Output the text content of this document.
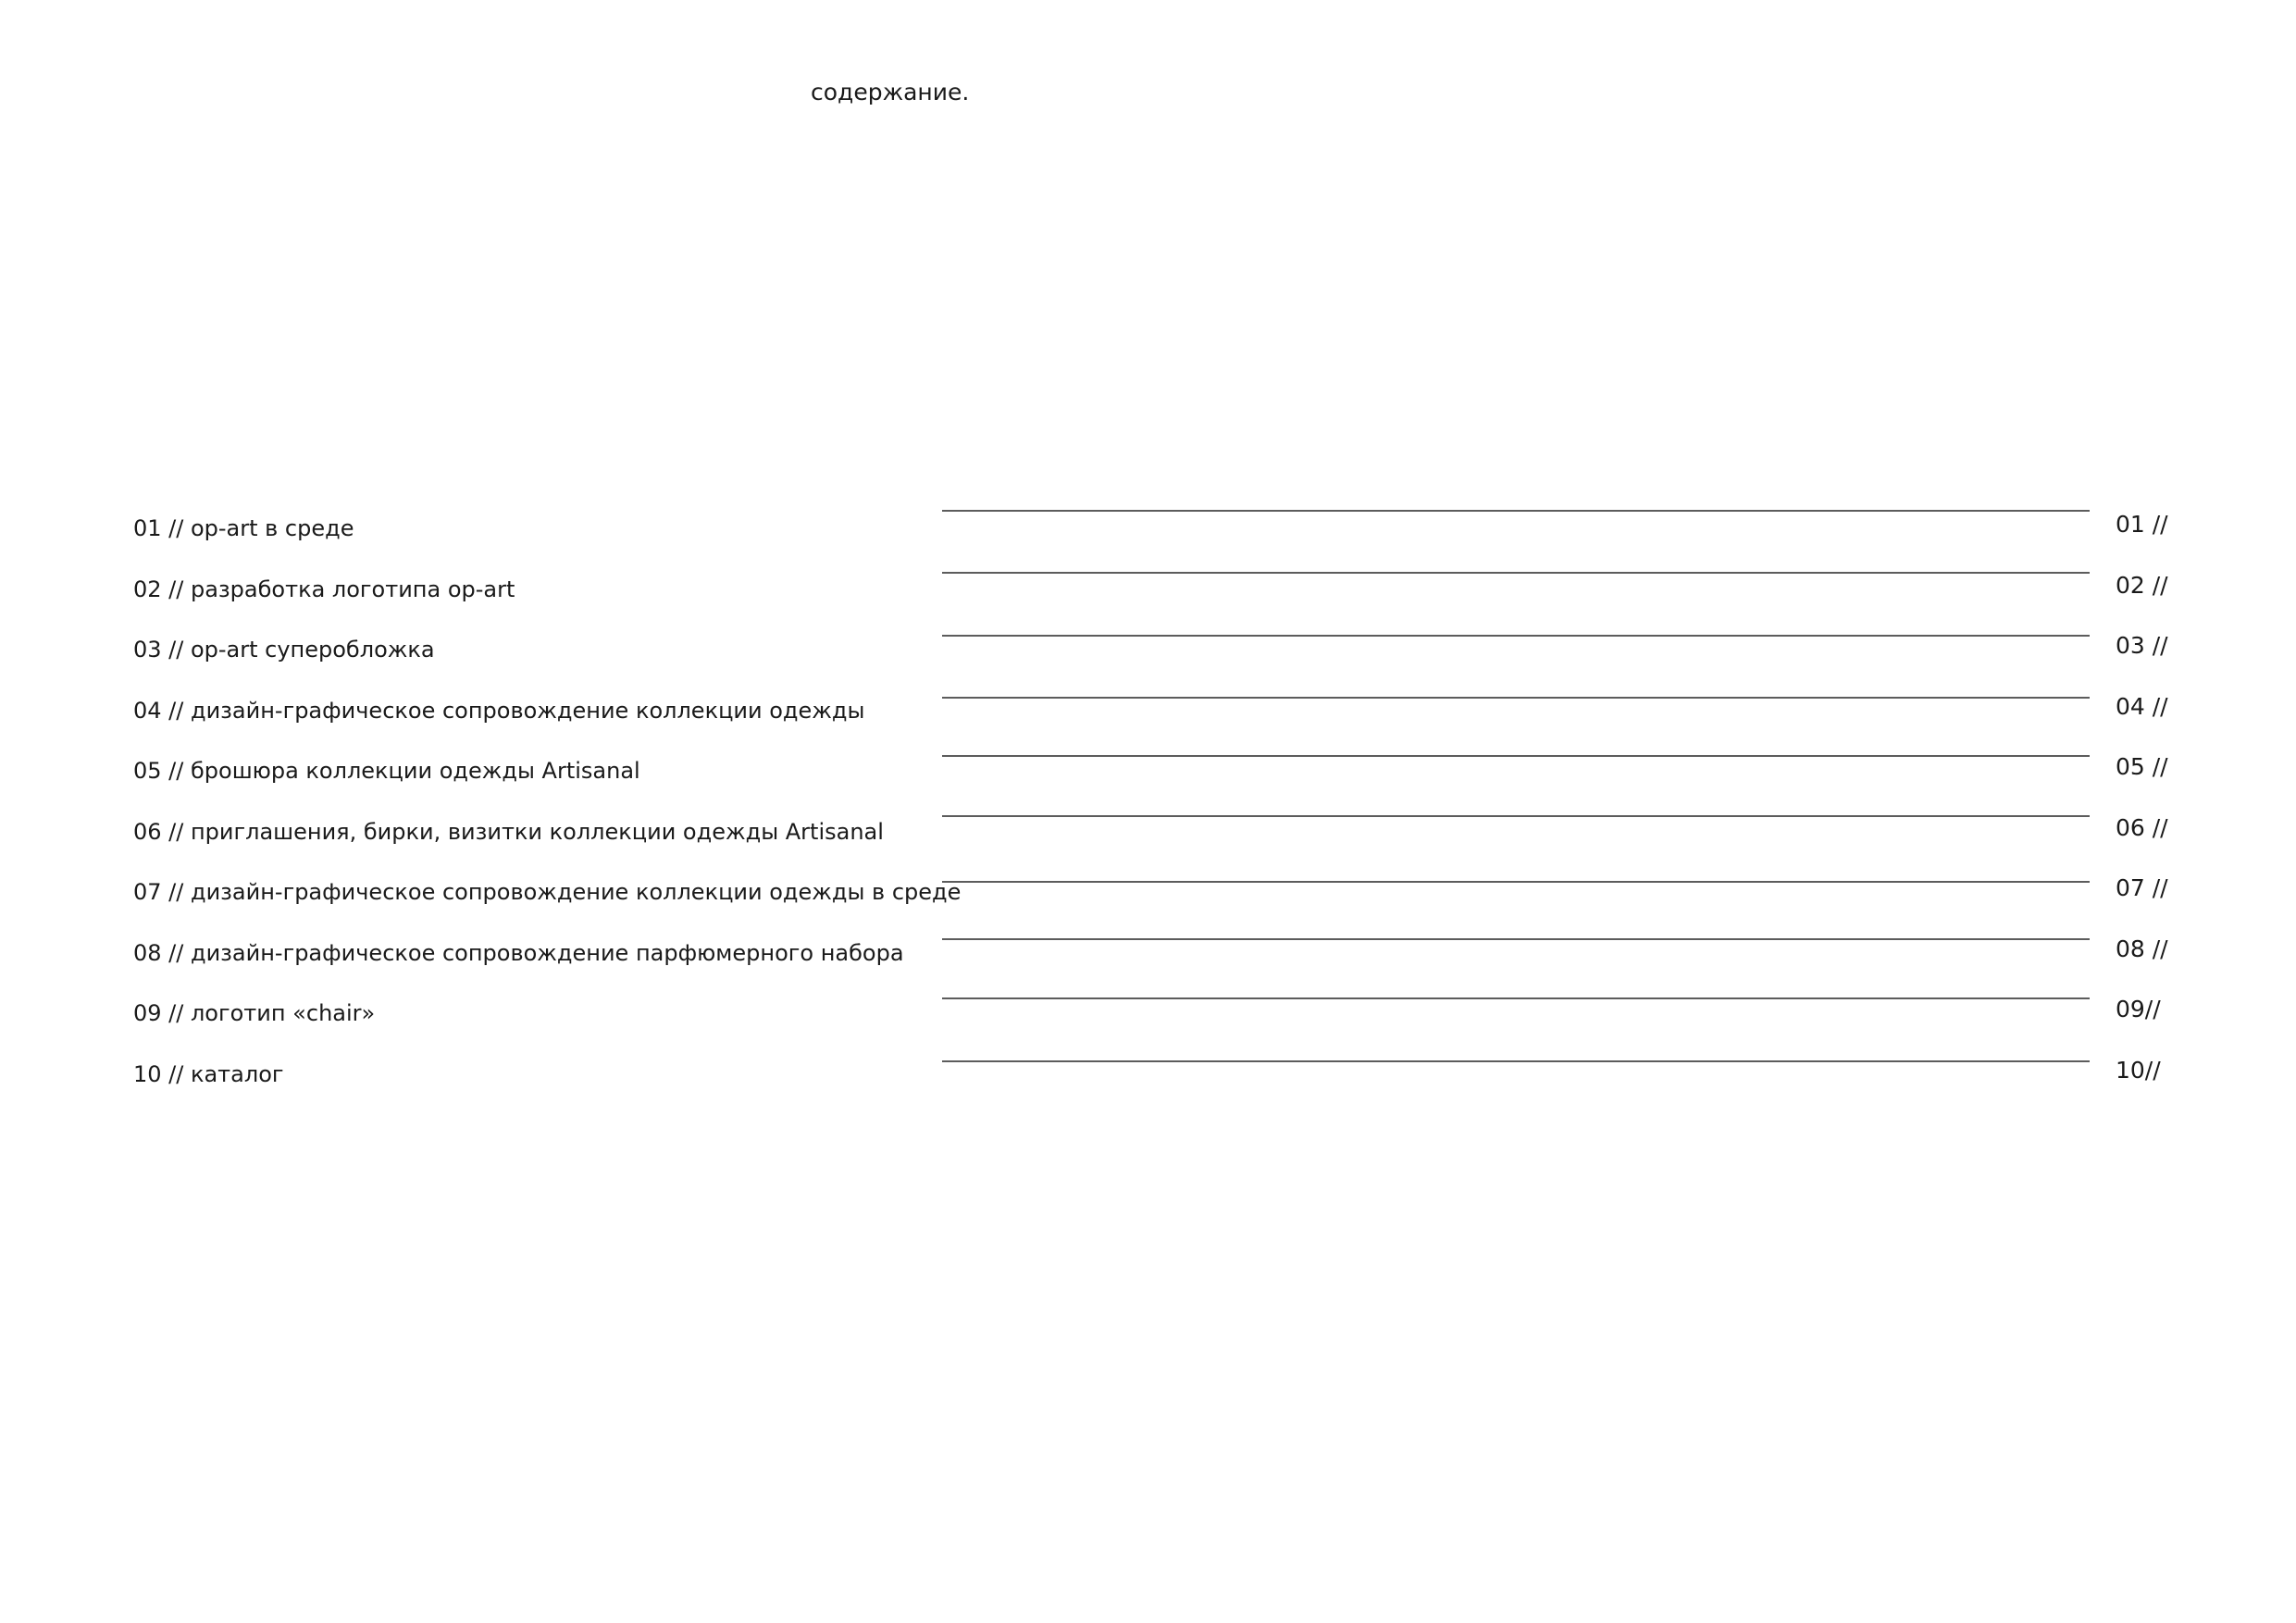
содержание.
01 // op-art в среде	01 //
02 // разработка логотипа op-art	02 //
03 // op-art суперобложка	03 //
04 // дизайн-графическое сопровождение коллекции одежды	04 //
05 // брошюра коллекции одежды Artisanal	05 //
06 // приглашения, бирки, визитки коллекции одежды Artisanal	06 //
07 // дизайн-графическое сопровождение коллекции одежды в среде	07 //
08 // дизайн-графическое сопровождение парфюмерного набора	08 //
09 // логотип «chair»	09//
10 // каталог	10//
